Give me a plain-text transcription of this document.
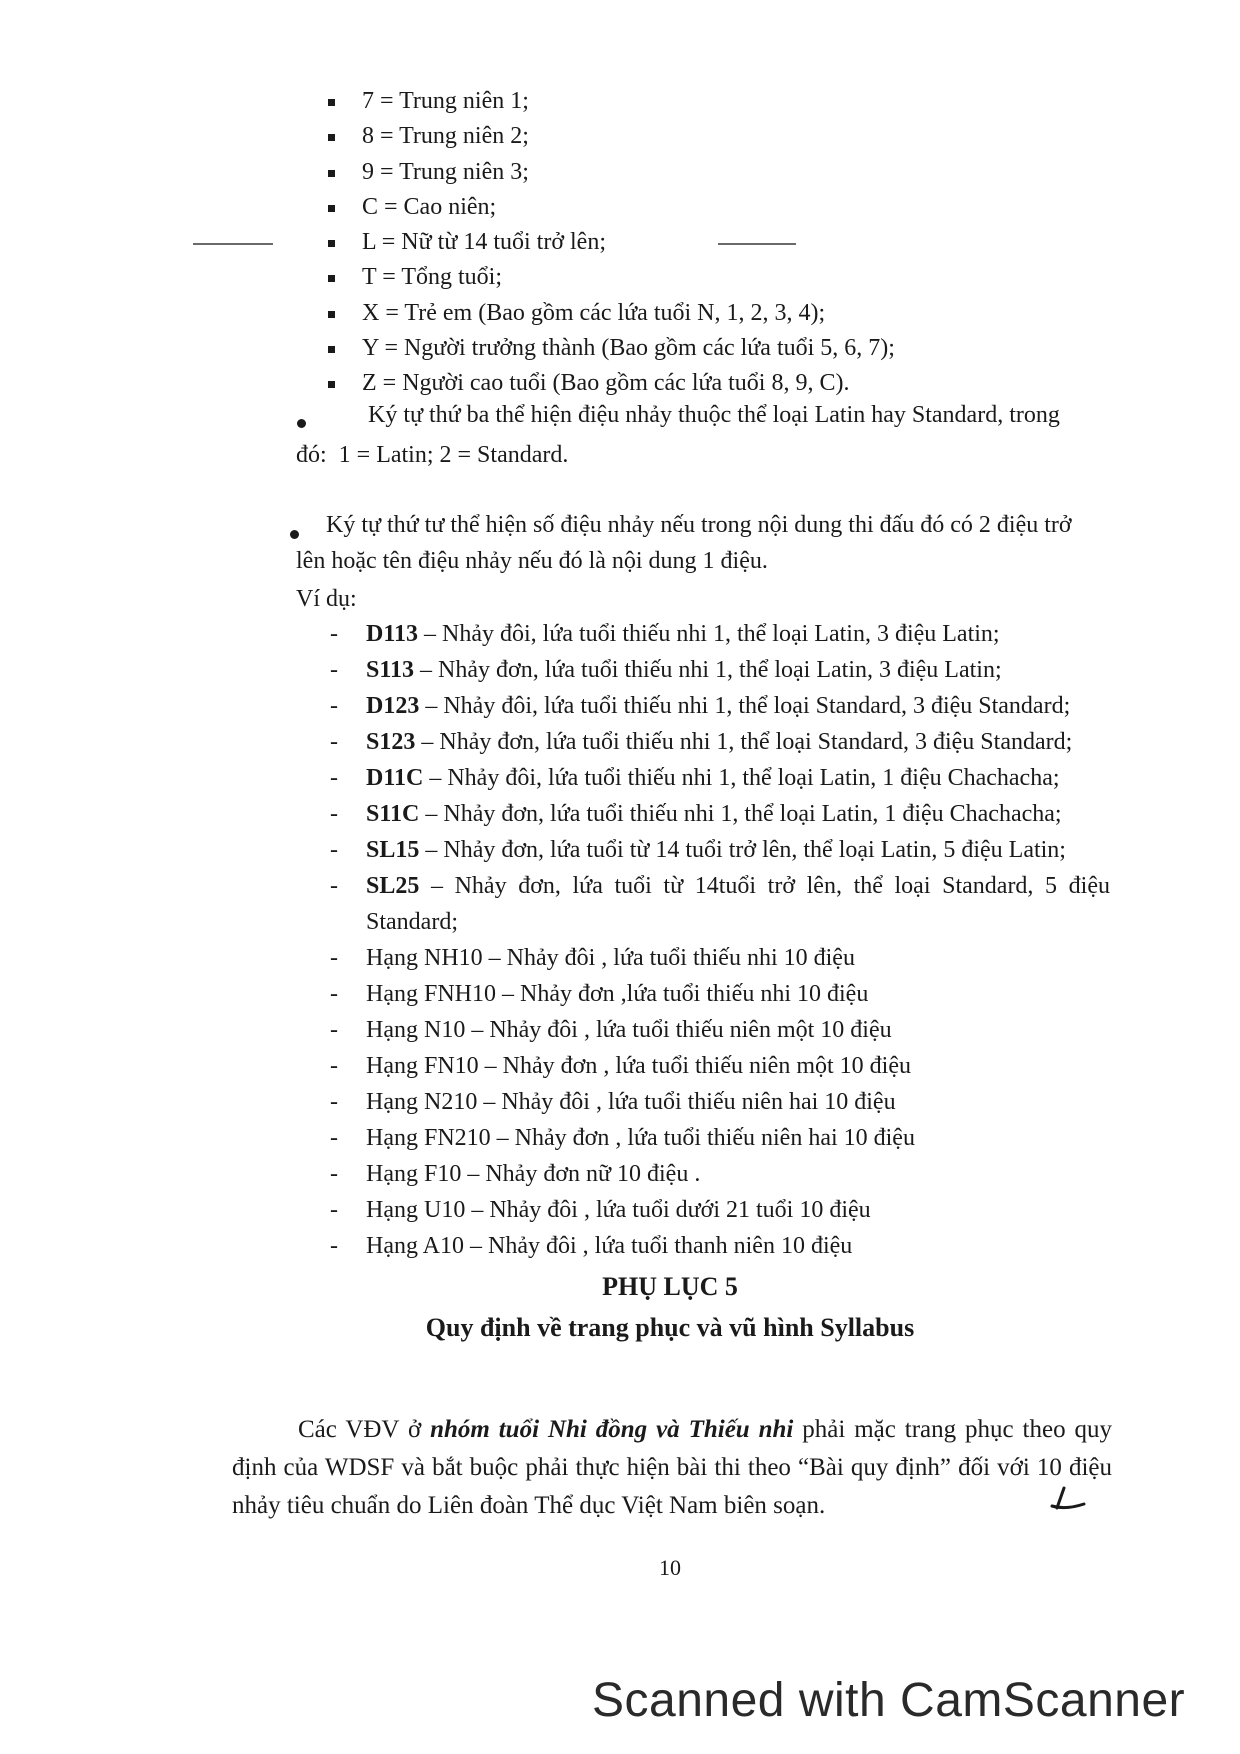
7 = Trung niên 1;
8 = Trung niên 2;
9 = Trung niên 3;
C = Cao niên;
L = Nữ từ 14 tuổi trở lên;
T = Tổng tuổi;
X = Trẻ em (Bao gồm các lứa tuổi N, 1, 2, 3, 4);
Y = Người trưởng thành (Bao gồm các lứa tuổi 5, 6, 7);
Z = Người cao tuổi (Bao gồm các lứa tuổi 8, 9, C).
Ký tự thứ ba thể hiện điệu nhảy thuộc thể loại Latin hay Standard, trong
đó:  1 = Latin; 2 = Standard.
Ký tự thứ tư thể hiện số điệu nhảy nếu trong nội dung thi đấu đó có 2 điệu trở
lên hoặc tên điệu nhảy nếu đó là nội dung 1 điệu.
Ví dụ:
- D113 – Nhảy đôi, lứa tuổi thiếu nhi 1, thể loại Latin, 3 điệu Latin;
- S113 – Nhảy đơn, lứa tuổi thiếu nhi 1, thể loại Latin, 3 điệu Latin;
- D123 – Nhảy đôi, lứa tuổi thiếu nhi 1, thể loại Standard, 3 điệu Standard;
- S123 – Nhảy đơn, lứa tuổi thiếu nhi 1, thể loại Standard, 3 điệu Standard;
- D11C – Nhảy đôi, lứa tuổi thiếu nhi 1, thể loại Latin, 1 điệu Chachacha;
- S11C – Nhảy đơn, lứa tuổi thiếu nhi 1, thể loại Latin, 1 điệu Chachacha;
- SL15 – Nhảy đơn, lứa tuổi từ 14 tuổi trở lên, thể loại Latin, 5 điệu Latin;
- SL25 – Nhảy đơn, lứa tuổi từ 14tuổi trở lên, thể loại Standard, 5 điệu Standard;
- Hạng NH10 – Nhảy đôi , lứa tuổi thiếu nhi 10 điệu
- Hạng FNH10 – Nhảy đơn ,lứa tuổi thiếu nhi 10 điệu
- Hạng N10 – Nhảy đôi , lứa tuổi thiếu niên một 10 điệu
- Hạng FN10 – Nhảy đơn , lứa tuổi thiếu niên một 10 điệu
- Hạng N210 – Nhảy đôi , lứa tuổi thiếu niên hai 10 điệu
- Hạng FN210 – Nhảy đơn , lứa tuổi thiếu niên hai 10 điệu
- Hạng F10 – Nhảy đơn nữ 10 điệu .
- Hạng U10 – Nhảy đôi , lứa tuổi dưới 21 tuổi 10 điệu
- Hạng A10 – Nhảy đôi , lứa tuổi thanh niên 10 điệu
PHỤ LỤC 5
Quy định về trang phục và vũ hình Syllabus

Các VĐV ở nhóm tuổi Nhi đồng và Thiếu nhi phải mặc trang phục theo quy định của WDSF và bắt buộc phải thực hiện bài thi theo “Bài quy định” đối với 10 điệu nhảy tiêu chuẩn do Liên đoàn Thể dục Việt Nam biên soạn.

10
Scanned with CamScanner
